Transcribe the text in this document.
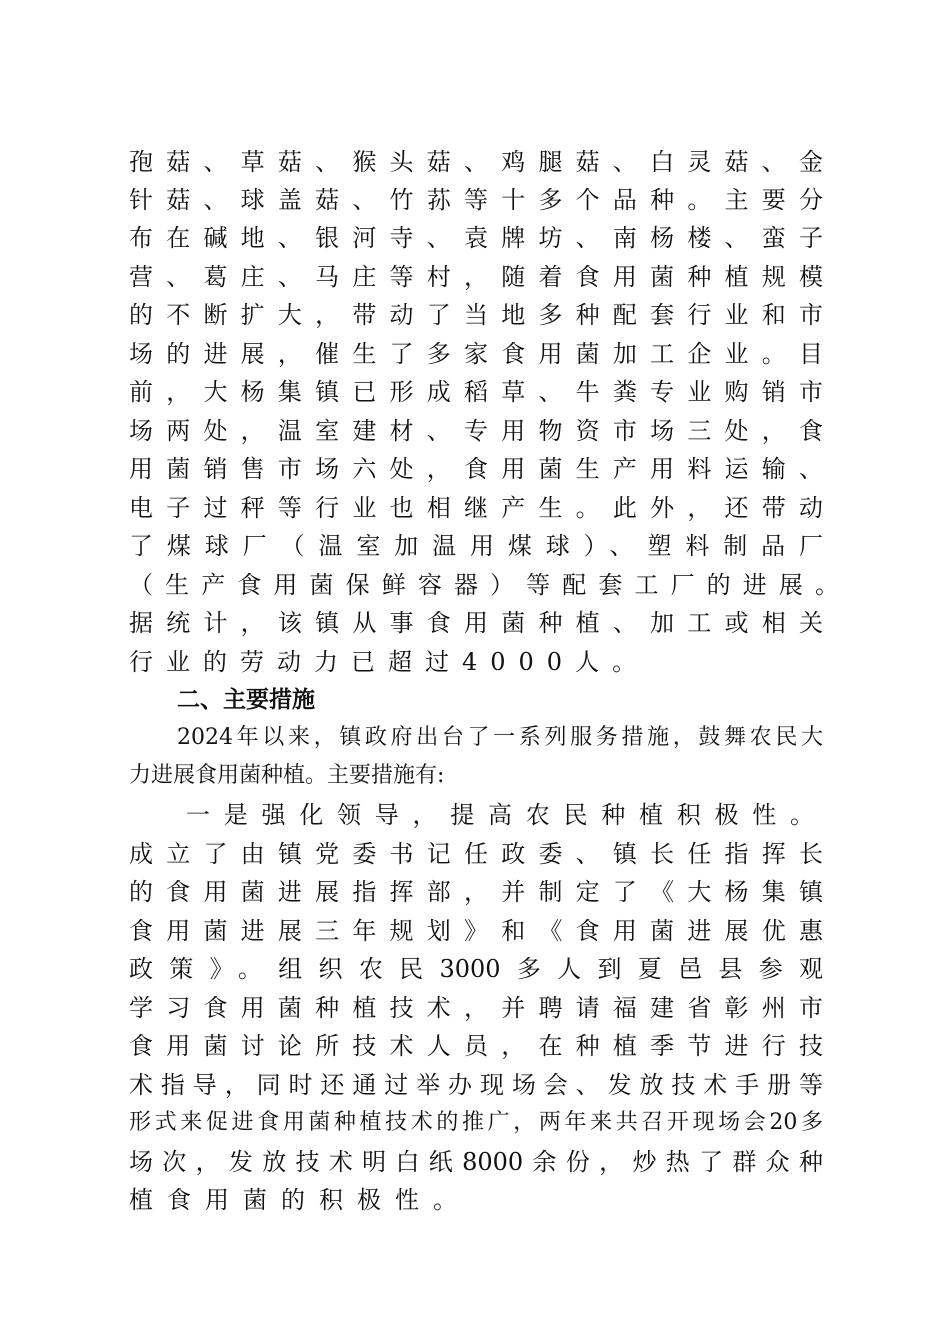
孢菇、草菇、猴头菇、鸡腿菇、白灵菇、金
针菇、球盖菇、竹荪等十多个品种。主要分
布在碱地、银河寺、袁牌坊、南杨楼、蛮子
营、葛庄、马庄等村，随着食用菌种植规模
的不断扩大，带动了当地多种配套行业和市
场的进展，催生了多家食用菌加工企业。目
前，大杨集镇已形成稻草、牛粪专业购销市
场两处，温室建材、专用物资市场三处，食
用菌销售市场六处，食用菌生产用料运输、
电子过秤等行业也相继产生。此外，还带动
了煤球厂（温室加温用煤球）、塑料制品厂
（生产食用菌保鲜容器）等配套工厂的进展。
据统计，该镇从事食用菌种植、加工或相关
行业的劳动力已超过4000人。
二、主要措施
2024年以来，镇政府出台了一系列服务措施，鼓舞农民大
力进展食用菌种植。主要措施有:
一是强化领导，提高农民种植积极性。
成立了由镇党委书记任政委、镇长任指挥长
的食用菌进展指挥部，并制定了《大杨集镇
食用菌进展三年规划》和《食用菌进展优惠
政策》。组织农民3000多人到夏邑县参观
学习食用菌种植技术，并聘请福建省彰州市
食用菌讨论所技术人员，在种植季节进行技
术指导，同时还通过举办现场会、发放技术手册等
形式来促进食用菌种植技术的推广，两年来共召开现场会20多
场次，发放技术明白纸8000余份，炒热了群众种
植食用菌的积极性。
